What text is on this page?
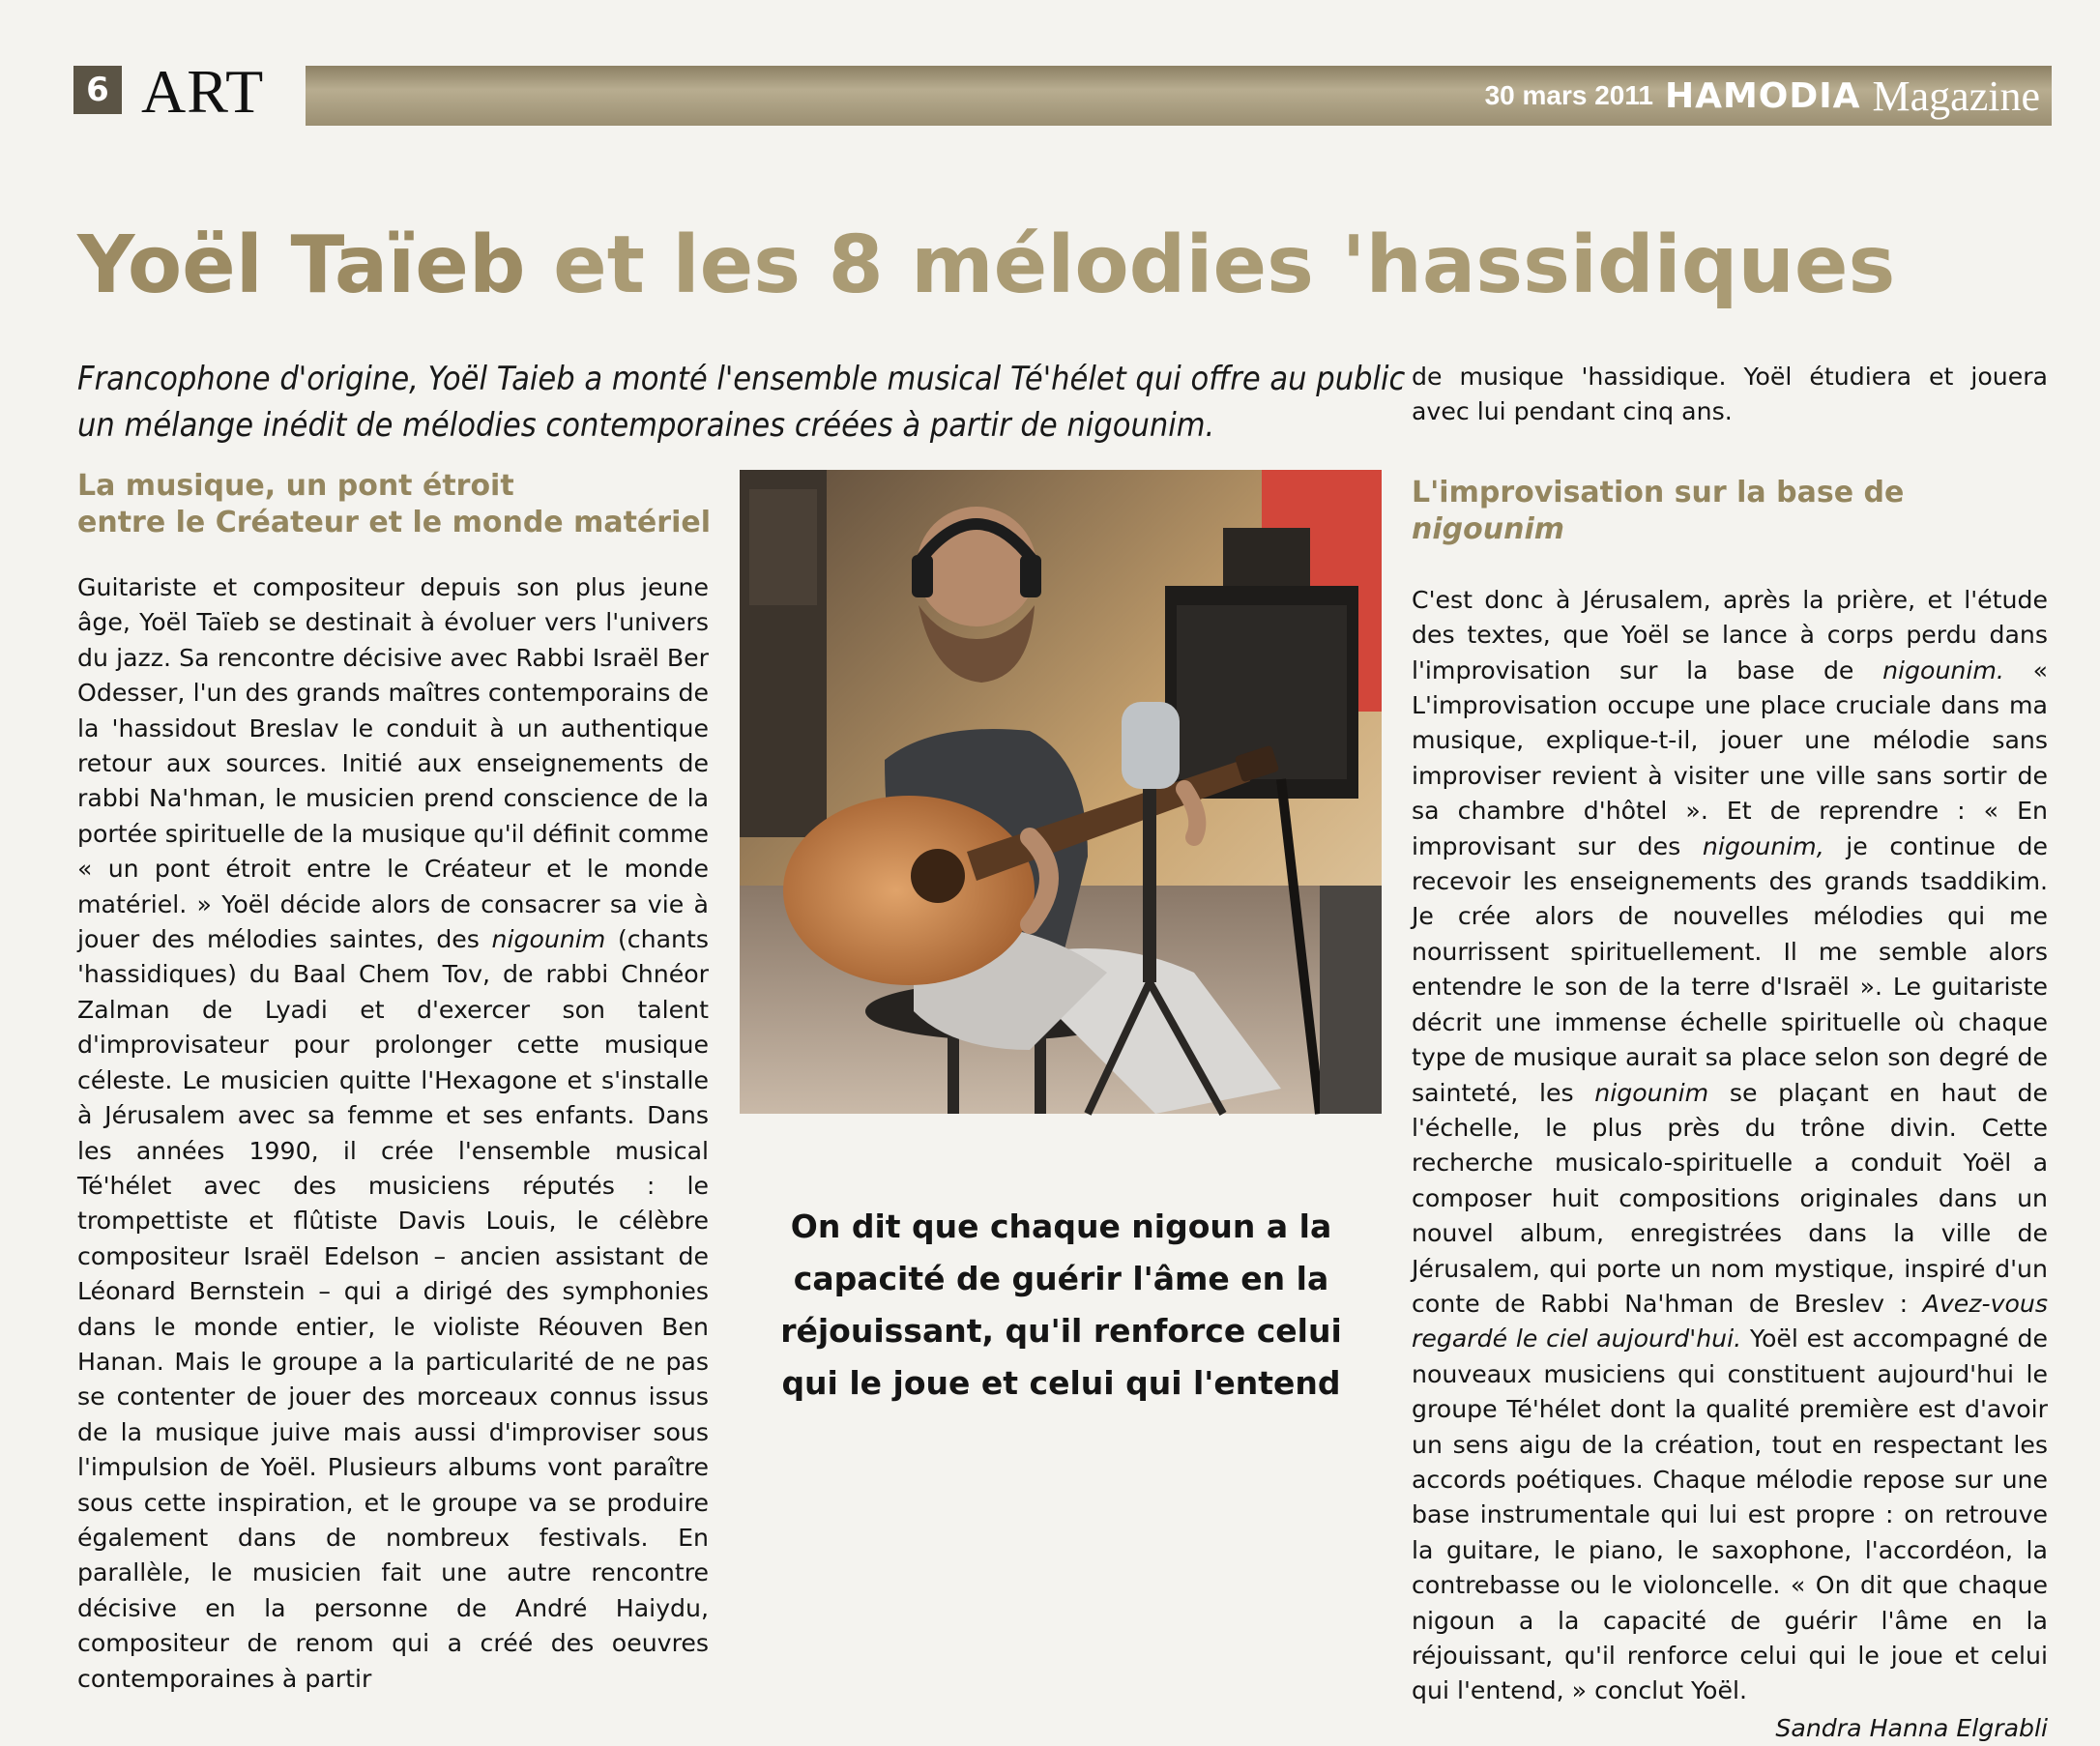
6 ART	30 mars 2011 HAMODIA Magazine
Yoël Taïeb et les 8 mélodies 'hassidiques
Francophone d'origine, Yoël Taieb a monté l'ensemble musical Té'hélet qui offre au public
un mélange inédit de mélodies contemporaines créées à partir de nigounim.
La musique, un pont étroit
entre le Créateur et le monde matériel

Guitariste et compositeur depuis son plus jeune âge, Yoël Taïeb se destinait à évoluer vers l'univers du jazz. Sa rencontre décisive avec Rabbi Israël Ber Odesser, l'un des grands maîtres contemporains de la 'hassidout Breslav le conduit à un authentique retour aux sources. Initié aux enseignements de rabbi Na'hman, le musicien prend conscience de la portée spirituelle de la musique qu'il définit comme « un pont étroit entre le Créateur et le monde matériel. » Yoël décide alors de consacrer sa vie à jouer des mélodies saintes, des nigounim (chants 'hassidiques) du Baal Chem Tov, de rabbi Chnéor Zalman de Lyadi et d'exercer son talent d'improvisateur pour prolonger cette musique céleste. Le musicien quitte l'Hexagone et s'installe à Jérusalem avec sa femme et ses enfants. Dans les années 1990, il crée l'ensemble musical Té'hélet avec des musiciens réputés : le trompettiste et flûtiste Davis Louis, le célèbre compositeur Israël Edelson – ancien assistant de Léonard Bernstein – qui a dirigé des symphonies dans le monde entier, le violiste Réouven Ben Hanan. Mais le groupe a la particularité de ne pas se contenter de jouer des morceaux connus issus de la musique juive mais aussi d'improviser sous l'impulsion de Yoël. Plusieurs albums vont paraître sous cette inspiration, et le groupe va se produire également dans de nombreux festivals. En parallèle, le musicien fait une autre rencontre décisive en la personne de André Haiydu, compositeur de renom qui a créé des oeuvres contemporaines à partir

On dit que chaque nigoun a la
capacité de guérir l'âme en la
réjouissant, qu'il renforce celui
qui le joue et celui qui l'entend

de musique 'hassidique. Yoël étudiera et jouera avec lui pendant cinq ans.

L'improvisation sur la base de nigounim

C'est donc à Jérusalem, après la prière, et l'étude des textes, que Yoël se lance à corps perdu dans l'improvisation sur la base de nigounim. « L'improvisation occupe une place cruciale dans ma musique, explique-t-il, jouer une mélodie sans improviser revient à visiter une ville sans sortir de sa chambre d'hôtel ». Et de reprendre : « En improvisant sur des nigounim, je continue de recevoir les enseignements des grands tsaddikim. Je crée alors de nouvelles mélodies qui me nourrissent spirituellement. Il me semble alors entendre le son de la terre d'Israël ». Le guitariste décrit une immense échelle spirituelle où chaque type de musique aurait sa place selon son degré de sainteté, les nigounim se plaçant en haut de l'échelle, le plus près du trône divin. Cette recherche musicalo-spirituelle a conduit Yoël a composer huit compositions originales dans un nouvel album, enregistrées dans la ville de Jérusalem, qui porte un nom mystique, inspiré d'un conte de Rabbi Na'hman de Breslev : Avez-vous regardé le ciel aujourd'hui. Yoël est accompagné de nouveaux musiciens qui constituent aujourd'hui le groupe Té'hélet dont la qualité première est d'avoir un sens aigu de la création, tout en respectant les accords poétiques. Chaque mélodie repose sur une base instrumentale qui lui est propre : on retrouve la guitare, le piano, le saxophone, l'accordéon, la contrebasse ou le violoncelle. « On dit que chaque nigoun a la capacité de guérir l'âme en la réjouissant, qu'il renforce celui qui le joue et celui qui l'entend, » conclut Yoël.

Sandra Hanna Elgrabli
